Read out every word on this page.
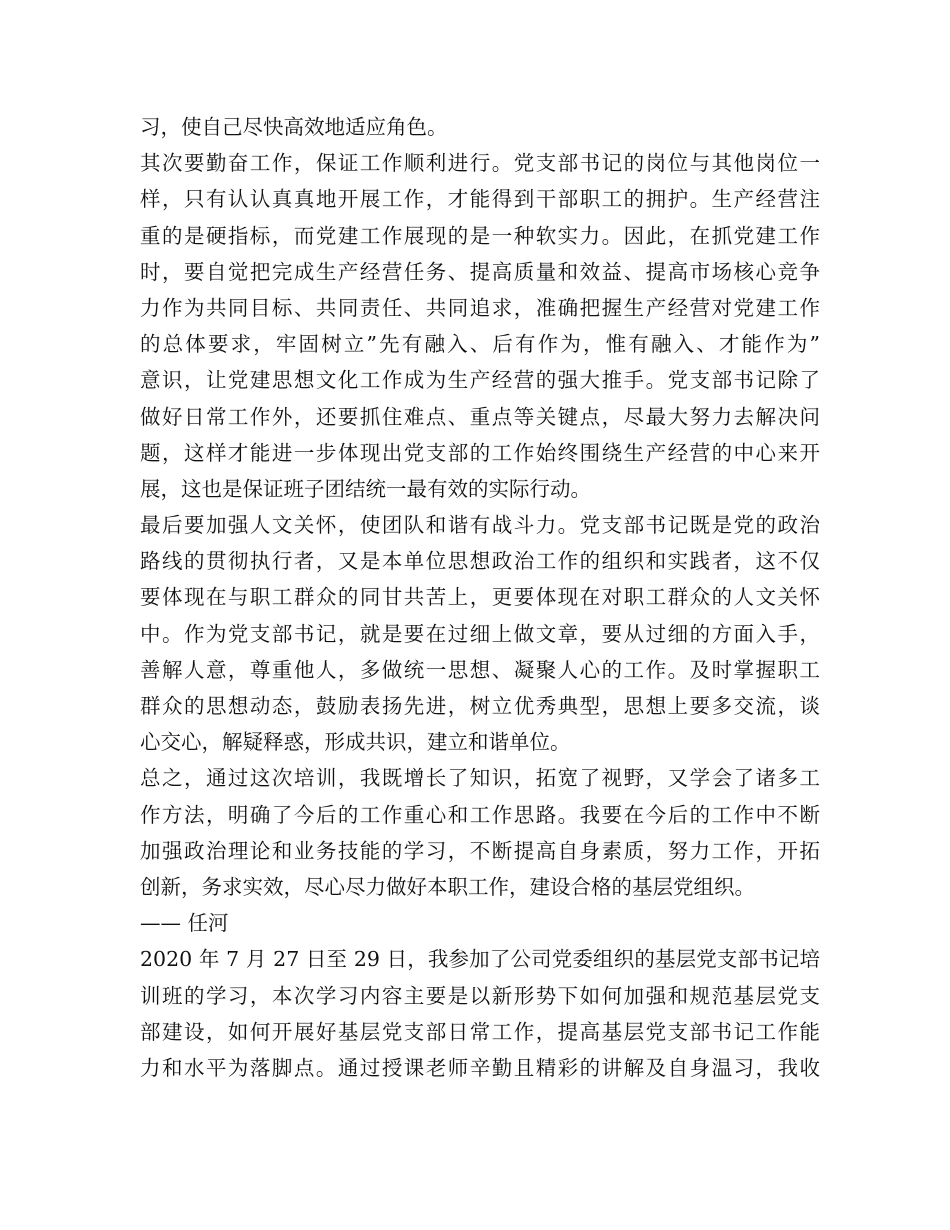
习，使自己尽快高效地适应角色。
其次要勤奋工作，保证工作顺利进行。党支部书记的岗位与其他岗位一
样，只有认认真真地开展工作，才能得到干部职工的拥护。生产经营注
重的是硬指标，而党建工作展现的是一种软实力。因此，在抓党建工作
时，要自觉把完成生产经营任务、提高质量和效益、提高市场核心竞争
力作为共同目标、共同责任、共同追求，准确把握生产经营对党建工作
的总体要求，牢固树立”先有融入、后有作为，惟有融入、才能作为”
意识，让党建思想文化工作成为生产经营的强大推手。党支部书记除了
做好日常工作外，还要抓住难点、重点等关键点，尽最大努力去解决问
题，这样才能进一步体现出党支部的工作始终围绕生产经营的中心来开
展，这也是保证班子团结统一最有效的实际行动。
最后要加强人文关怀，使团队和谐有战斗力。党支部书记既是党的政治
路线的贯彻执行者，又是本单位思想政治工作的组织和实践者，这不仅
要体现在与职工群众的同甘共苦上，更要体现在对职工群众的人文关怀
中。作为党支部书记，就是要在过细上做文章，要从过细的方面入手，
善解人意，尊重他人，多做统一思想、凝聚人心的工作。及时掌握职工
群众的思想动态，鼓励表扬先进，树立优秀典型，思想上要多交流，谈
心交心，解疑释惑，形成共识，建立和谐单位。
总之，通过这次培训，我既增长了知识，拓宽了视野，又学会了诸多工
作方法，明确了今后的工作重心和工作思路。我要在今后的工作中不断
加强政治理论和业务技能的学习，不断提高自身素质，努力工作，开拓
创新，务求实效，尽心尽力做好本职工作，建设合格的基层党组织。
—— 任河
2020 年 7 月 27 日至 29 日，我参加了公司党委组织的基层党支部书记培
训班的学习，本次学习内容主要是以新形势下如何加强和规范基层党支
部建设，如何开展好基层党支部日常工作，提高基层党支部书记工作能
力和水平为落脚点。通过授课老师辛勤且精彩的讲解及自身温习，我收
